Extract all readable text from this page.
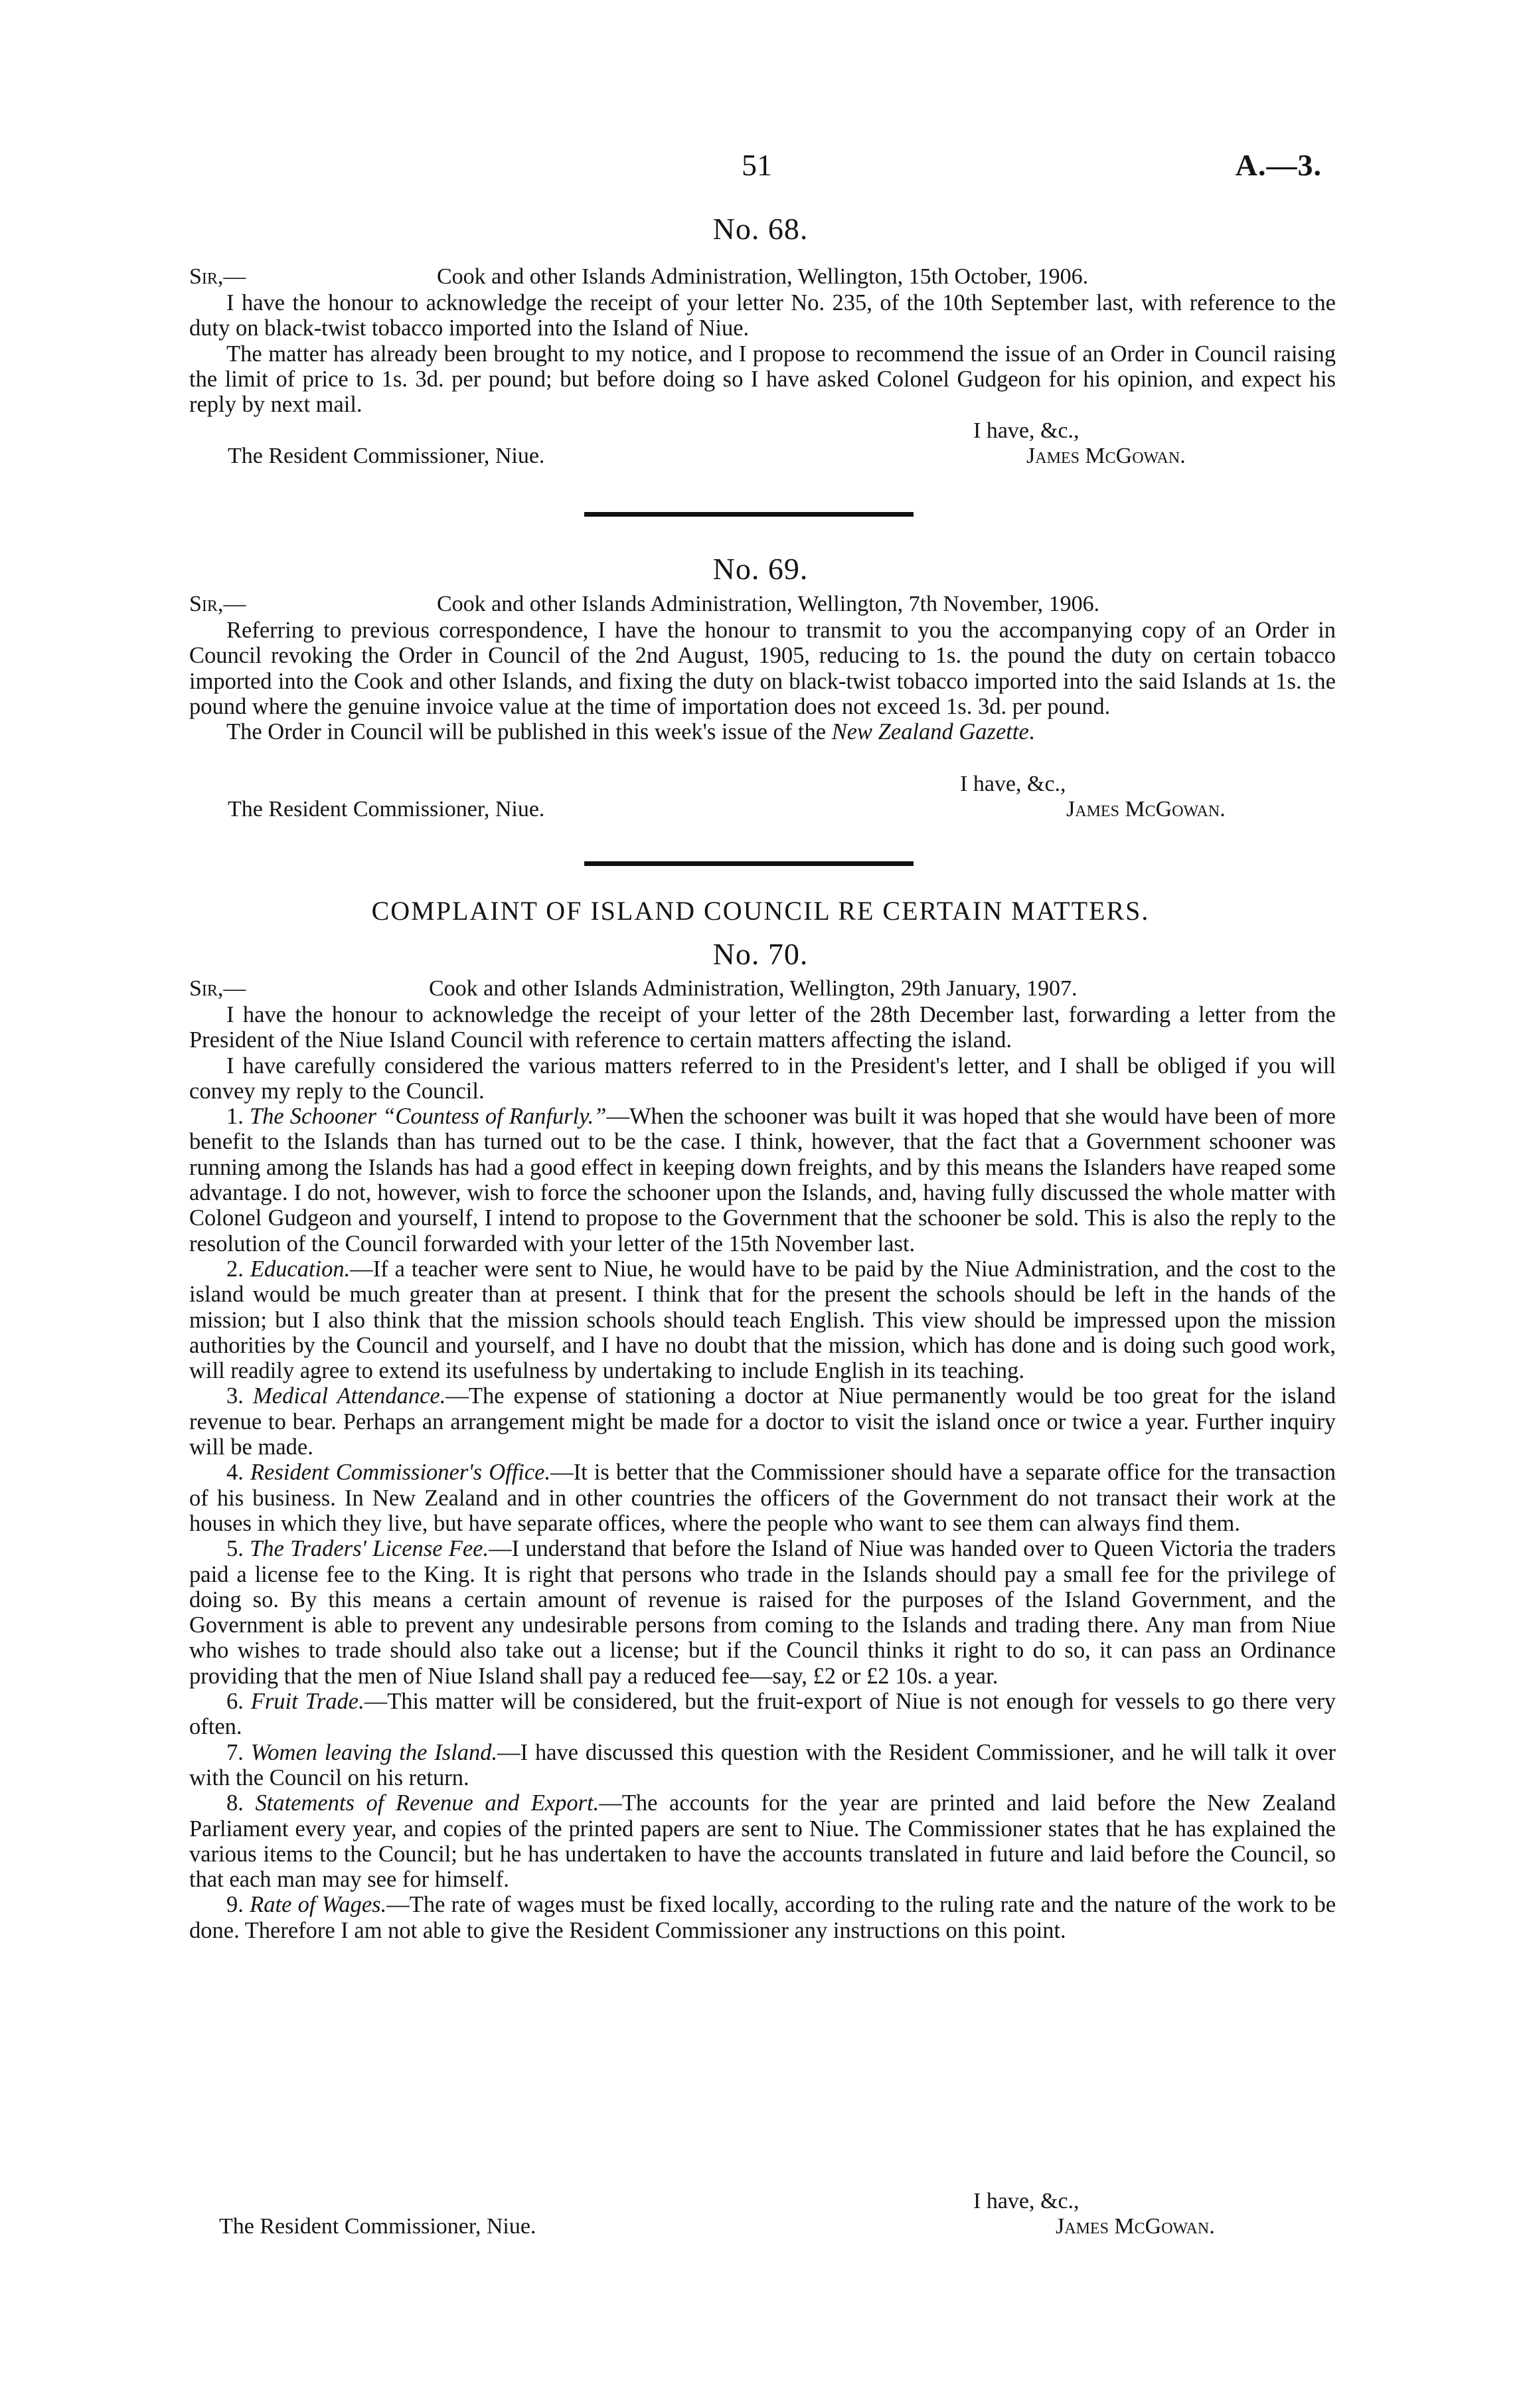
51	A.—3.
No. 68.
Sir,—	Cook and other Islands Administration, Wellington, 15th October, 1906.

I have the honour to acknowledge the receipt of your letter No. 235, of the 10th September last, with reference to the duty on black-twist tobacco imported into the Island of Niue.

The matter has already been brought to my notice, and I propose to recommend the issue of an Order in Council raising the limit of price to 1s. 3d. per pound; but before doing so I have asked Colonel Gudgeon for his opinion, and expect his reply by next mail.

I have, &c.,
The Resident Commissioner, Niue.	James McGowan.
No. 69.
Sir,—	Cook and other Islands Administration, Wellington, 7th November, 1906.

Referring to previous correspondence, I have the honour to transmit to you the accompanying copy of an Order in Council revoking the Order in Council of the 2nd August, 1905, reducing to 1s. the pound the duty on certain tobacco imported into the Cook and other Islands, and fixing the duty on black-twist tobacco imported into the said Islands at 1s. the pound where the genuine invoice value at the time of importation does not exceed 1s. 3d. per pound.

The Order in Council will be published in this week's issue of the New Zealand Gazette.

I have, &c.,
The Resident Commissioner, Niue.	James McGowan.
COMPLAINT OF ISLAND COUNCIL RE CERTAIN MATTERS.
No. 70.
Sir,—	Cook and other Islands Administration, Wellington, 29th January, 1907.

I have the honour to acknowledge the receipt of your letter of the 28th December last, forwarding a letter from the President of the Niue Island Council with reference to certain matters affecting the island.

I have carefully considered the various matters referred to in the President's letter, and I shall be obliged if you will convey my reply to the Council.

1. The Schooner “Countess of Ranfurly.”—When the schooner was built it was hoped that she would have been of more benefit to the Islands than has turned out to be the case. I think, however, that the fact that a Government schooner was running among the Islands has had a good effect in keeping down freights, and by this means the Islanders have reaped some advantage. I do not, however, wish to force the schooner upon the Islands, and, having fully discussed the whole matter with Colonel Gudgeon and yourself, I intend to propose to the Government that the schooner be sold. This is also the reply to the resolution of the Council forwarded with your letter of the 15th November last.

2. Education.—If a teacher were sent to Niue, he would have to be paid by the Niue Administration, and the cost to the island would be much greater than at present. I think that for the present the schools should be left in the hands of the mission; but I also think that the mission schools should teach English. This view should be impressed upon the mission authorities by the Council and yourself, and I have no doubt that the mission, which has done and is doing such good work, will readily agree to extend its usefulness by undertaking to include English in its teaching.

3. Medical Attendance.—The expense of stationing a doctor at Niue permanently would be too great for the island revenue to bear. Perhaps an arrangement might be made for a doctor to visit the island once or twice a year. Further inquiry will be made.

4. Resident Commissioner's Office.—It is better that the Commissioner should have a separate office for the transaction of his business. In New Zealand and in other countries the officers of the Government do not transact their work at the houses in which they live, but have separate offices, where the people who want to see them can always find them.

5. The Traders' License Fee.—I understand that before the Island of Niue was handed over to Queen Victoria the traders paid a license fee to the King. It is right that persons who trade in the Islands should pay a small fee for the privilege of doing so. By this means a certain amount of revenue is raised for the purposes of the Island Government, and the Government is able to prevent any undesirable persons from coming to the Islands and trading there. Any man from Niue who wishes to trade should also take out a license; but if the Council thinks it right to do so, it can pass an Ordinance providing that the men of Niue Island shall pay a reduced fee—say, £2 or £2 10s. a year.

6. Fruit Trade.—This matter will be considered, but the fruit-export of Niue is not enough for vessels to go there very often.

7. Women leaving the Island.—I have discussed this question with the Resident Commissioner, and he will talk it over with the Council on his return.

8. Statements of Revenue and Export.—The accounts for the year are printed and laid before the New Zealand Parliament every year, and copies of the printed papers are sent to Niue. The Commissioner states that he has explained the various items to the Council; but he has undertaken to have the accounts translated in future and laid before the Council, so that each man may see for himself.

9. Rate of Wages.—The rate of wages must be fixed locally, according to the ruling rate and the nature of the work to be done. Therefore I am not able to give the Resident Commissioner any instructions on this point.

I have, &c.,
The Resident Commissioner, Niue.	James McGowan.
